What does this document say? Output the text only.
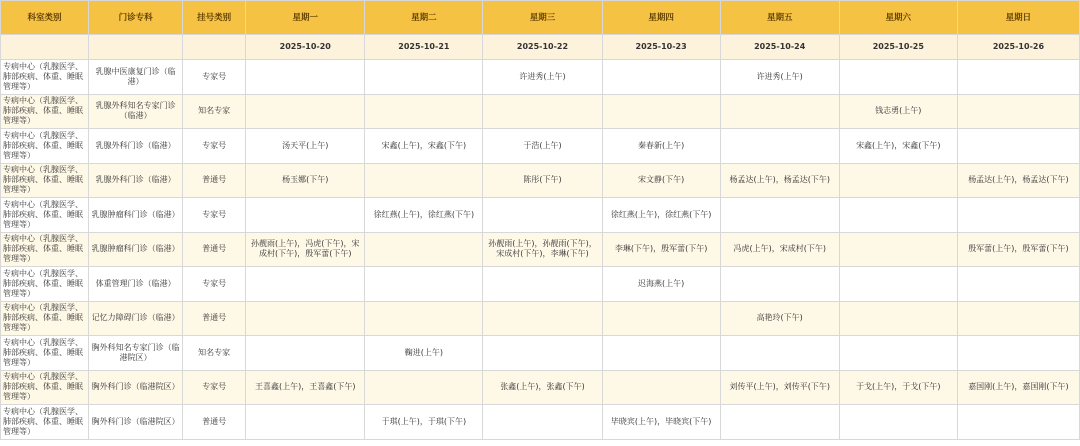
科室类别	门诊专科	挂号类别	星期一	星期二	星期三	星期四	星期五	星期六	星期日
			2025-10-20	2025-10-21	2025-10-22	2025-10-23	2025-10-24	2025-10-25	2025-10-26
专病中心（乳腺医学、肺部疾病、体重、睡眠管理等）	乳腺中医康复门诊（临港）	专家号			许进秀(上午)		许进秀(上午)		
专病中心（乳腺医学、肺部疾病、体重、睡眠管理等）	乳腺外科知名专家门诊（临港）	知名专家						钱志勇(上午)	
专病中心（乳腺医学、肺部疾病、体重、睡眠管理等）	乳腺外科门诊（临港）	专家号	汤天平(上午)	宋鑫(上午)，宋鑫(下午)	于浩(上午)	秦春新(上午)		宋鑫(上午)，宋鑫(下午)	
专病中心（乳腺医学、肺部疾病、体重、睡眠管理等）	乳腺外科门诊（临港）	普通号	杨玉娜(下午)		陈彤(下午)	宋文静(下午)	杨孟达(上午)，杨孟达(下午)		杨孟达(上午)，杨孟达(下午)
专病中心（乳腺医学、肺部疾病、体重、睡眠管理等）	乳腺肿瘤科门诊（临港）	专家号		徐红燕(上午)，徐红燕(下午)		徐红燕(上午)，徐红燕(下午)			
专病中心（乳腺医学、肺部疾病、体重、睡眠管理等）	乳腺肿瘤科门诊（临港）	普通号	孙靓雨(上午)，冯虎(下午)，宋成村(下午)，殷军蕾(下午)		孙靓雨(上午)，孙靓雨(下午)，宋成村(下午)，李琳(下午)	李琳(下午)，殷军蕾(下午)	冯虎(上午)，宋成村(下午)		殷军蕾(上午)，殷军蕾(下午)
专病中心（乳腺医学、肺部疾病、体重、睡眠管理等）	体重管理门诊（临港）	专家号				迟海燕(上午)			
专病中心（乳腺医学、肺部疾病、体重、睡眠管理等）	记忆力障碍门诊（临港）	普通号					高艳玲(下午)		
专病中心（乳腺医学、肺部疾病、体重、睡眠管理等）	胸外科知名专家门诊（临港院区）	知名专家		鞠进(上午)					
专病中心（乳腺医学、肺部疾病、体重、睡眠管理等）	胸外科门诊（临港院区）	专家号	王喜鑫(上午)，王喜鑫(下午)		张鑫(上午)，张鑫(下午)		刘传平(上午)，刘传平(下午)	于戈(上午)，于戈(下午)	嘉国刚(上午)，嘉国刚(下午)
专病中心（乳腺医学、肺部疾病、体重、睡眠管理等）	胸外科门诊（临港院区）	普通号		于琪(上午)，于琪(下午)		毕晓宾(上午)，毕晓宾(下午)			
